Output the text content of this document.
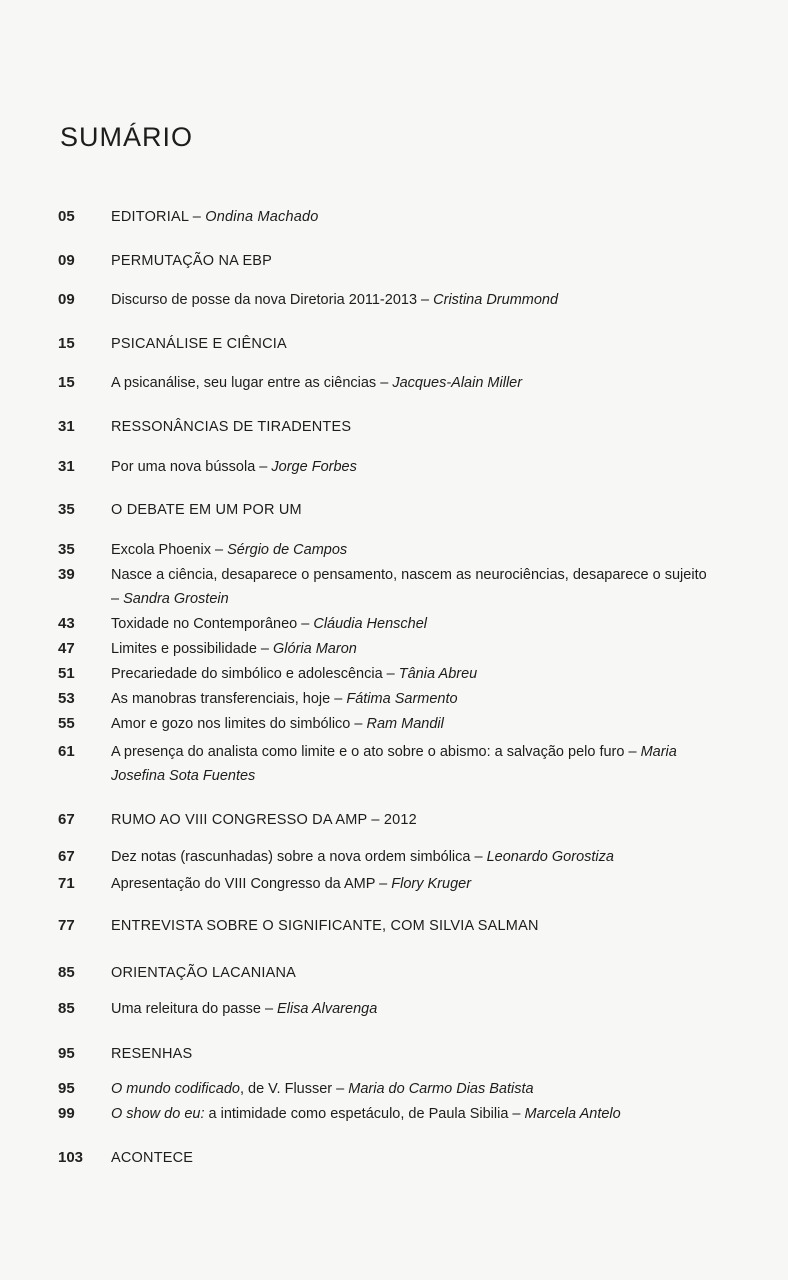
SUMÁRIO
05	EDITORIAL – Ondina Machado
09	PERMUTAÇÃO NA EBP
09	Discurso de posse da nova Diretoria 2011-2013 – Cristina Drummond
15	PSICANÁLISE E CIÊNCIA
15	A psicanálise, seu lugar entre as ciências – Jacques-Alain Miller
31	RESSONÂNCIAS DE TIRADENTES
31	Por uma nova bússola – Jorge Forbes
35	O DEBATE EM UM POR UM
35	Excola Phoenix – Sérgio de Campos
39	Nasce a ciência, desaparece o pensamento, nascem as neurociências, desaparece o sujeito – Sandra Grostein
43	Toxidade no Contemporâneo – Cláudia Henschel
47	Limites e possibilidade – Glória Maron
51	Precariedade do simbólico e adolescência – Tânia Abreu
53	As manobras transferenciais, hoje – Fátima Sarmento
55	Amor e gozo nos limites do simbólico – Ram Mandil
61	A presença do analista como limite e o ato sobre o abismo: a salvação pelo furo – Maria Josefina Sota Fuentes
67	RUMO AO VIII CONGRESSO DA AMP – 2012
67	Dez notas (rascunhadas) sobre a nova ordem simbólica – Leonardo Gorostiza
71	Apresentação do VIII Congresso da AMP – Flory Kruger
77	ENTREVISTA SOBRE O SIGNIFICANTE, COM SILVIA SALMAN
85	ORIENTAÇÃO LACANIANA
85	Uma releitura do passe – Elisa Alvarenga
95	RESENHAS
95	O mundo codificado, de V. Flusser – Maria do Carmo Dias Batista
99	O show do eu: a intimidade como espetáculo, de Paula Sibilia – Marcela Antelo
103	ACONTECE
